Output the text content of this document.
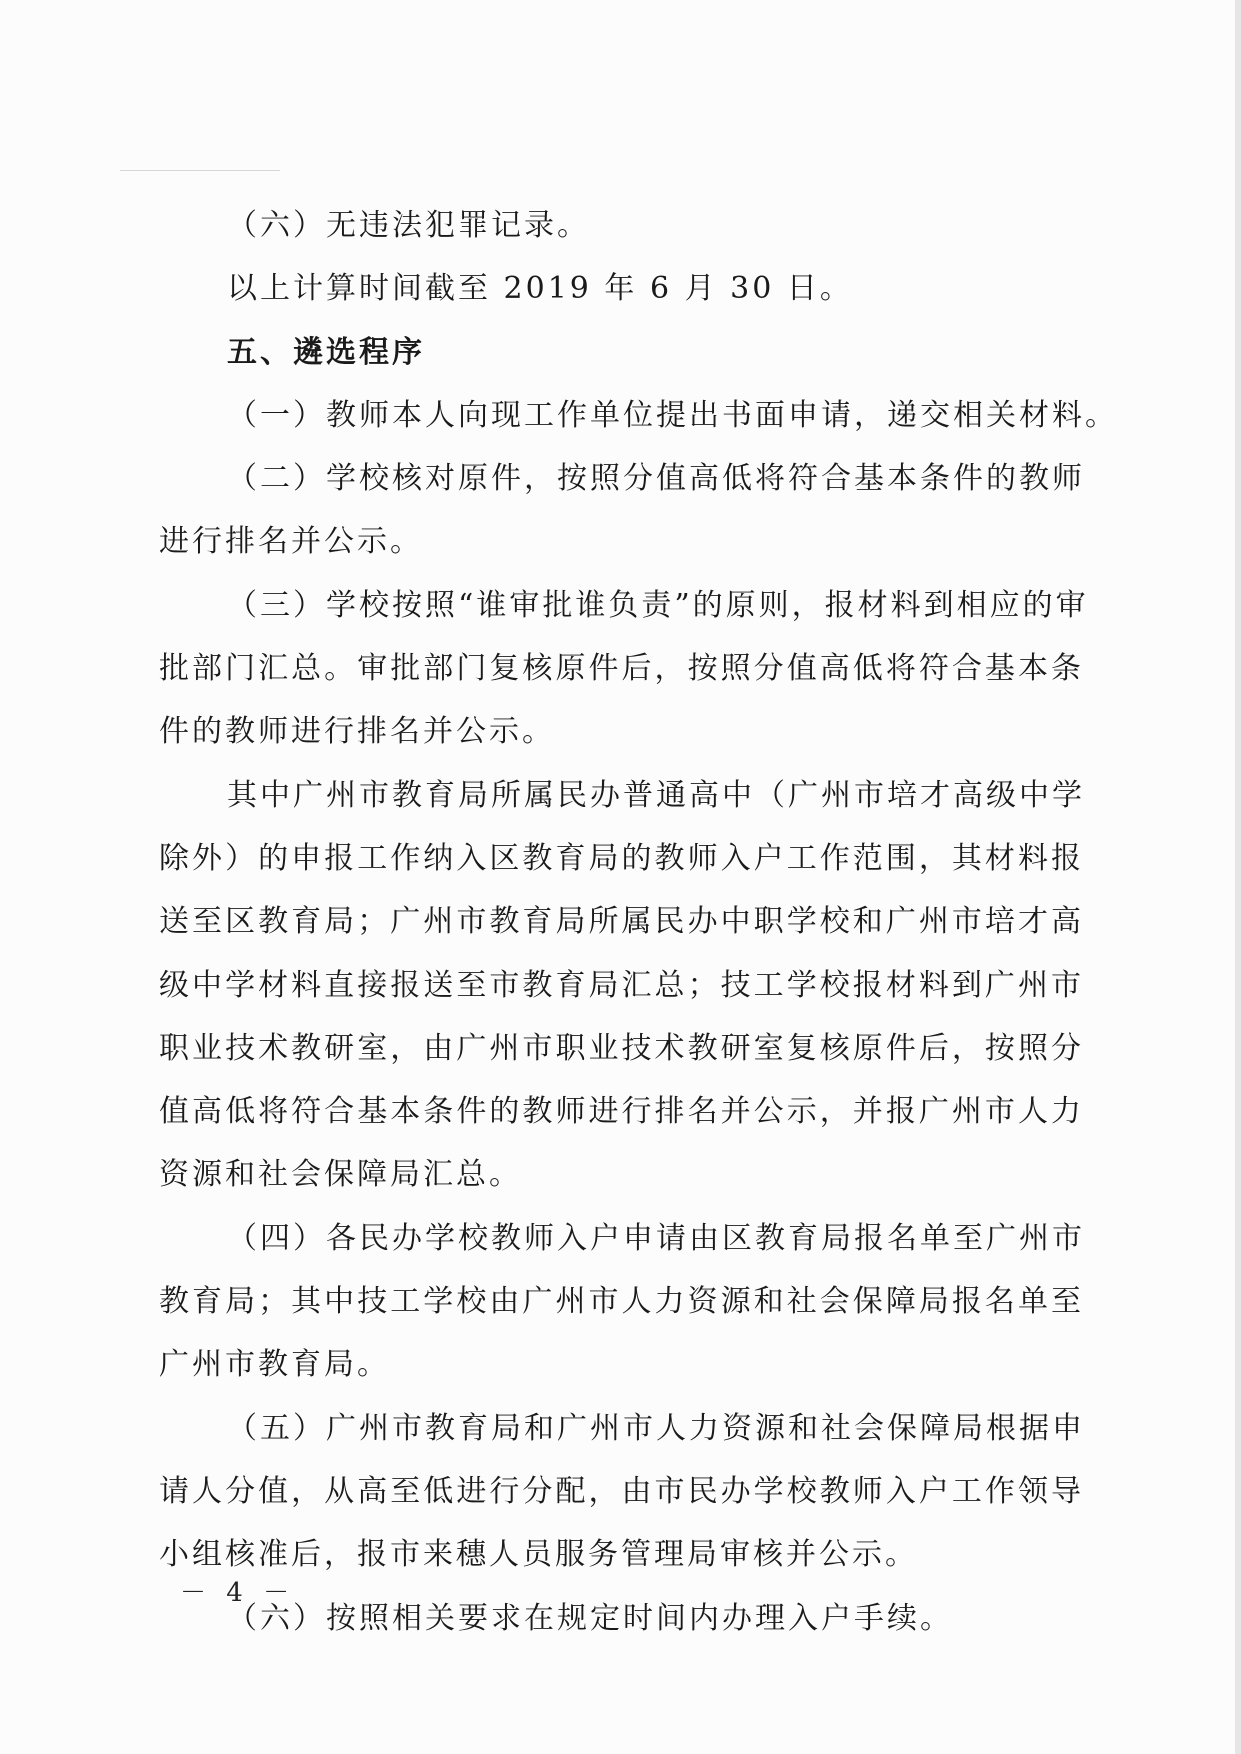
（六）无违法犯罪记录。
以上计算时间截至 2019 年 6 月 30 日。
五、遴选程序
（一）教师本人向现工作单位提出书面申请，递交相关材料。
（二）学校核对原件，按照分值高低将符合基本条件的教师
进行排名并公示。
（三）学校按照“谁审批谁负责”的原则，报材料到相应的审
批部门汇总。审批部门复核原件后，按照分值高低将符合基本条
件的教师进行排名并公示。
其中广州市教育局所属民办普通高中（广州市培才高级中学
除外）的申报工作纳入区教育局的教师入户工作范围，其材料报
送至区教育局；广州市教育局所属民办中职学校和广州市培才高
级中学材料直接报送至市教育局汇总；技工学校报材料到广州市
职业技术教研室，由广州市职业技术教研室复核原件后，按照分
值高低将符合基本条件的教师进行排名并公示，并报广州市人力
资源和社会保障局汇总。
（四）各民办学校教师入户申请由区教育局报名单至广州市
教育局；其中技工学校由广州市人力资源和社会保障局报名单至
广州市教育局。
（五）广州市教育局和广州市人力资源和社会保障局根据申
请人分值，从高至低进行分配，由市民办学校教师入户工作领导
小组核准后，报市来穗人员服务管理局审核并公示。
（六）按照相关要求在规定时间内办理入户手续。
－ 4 －
